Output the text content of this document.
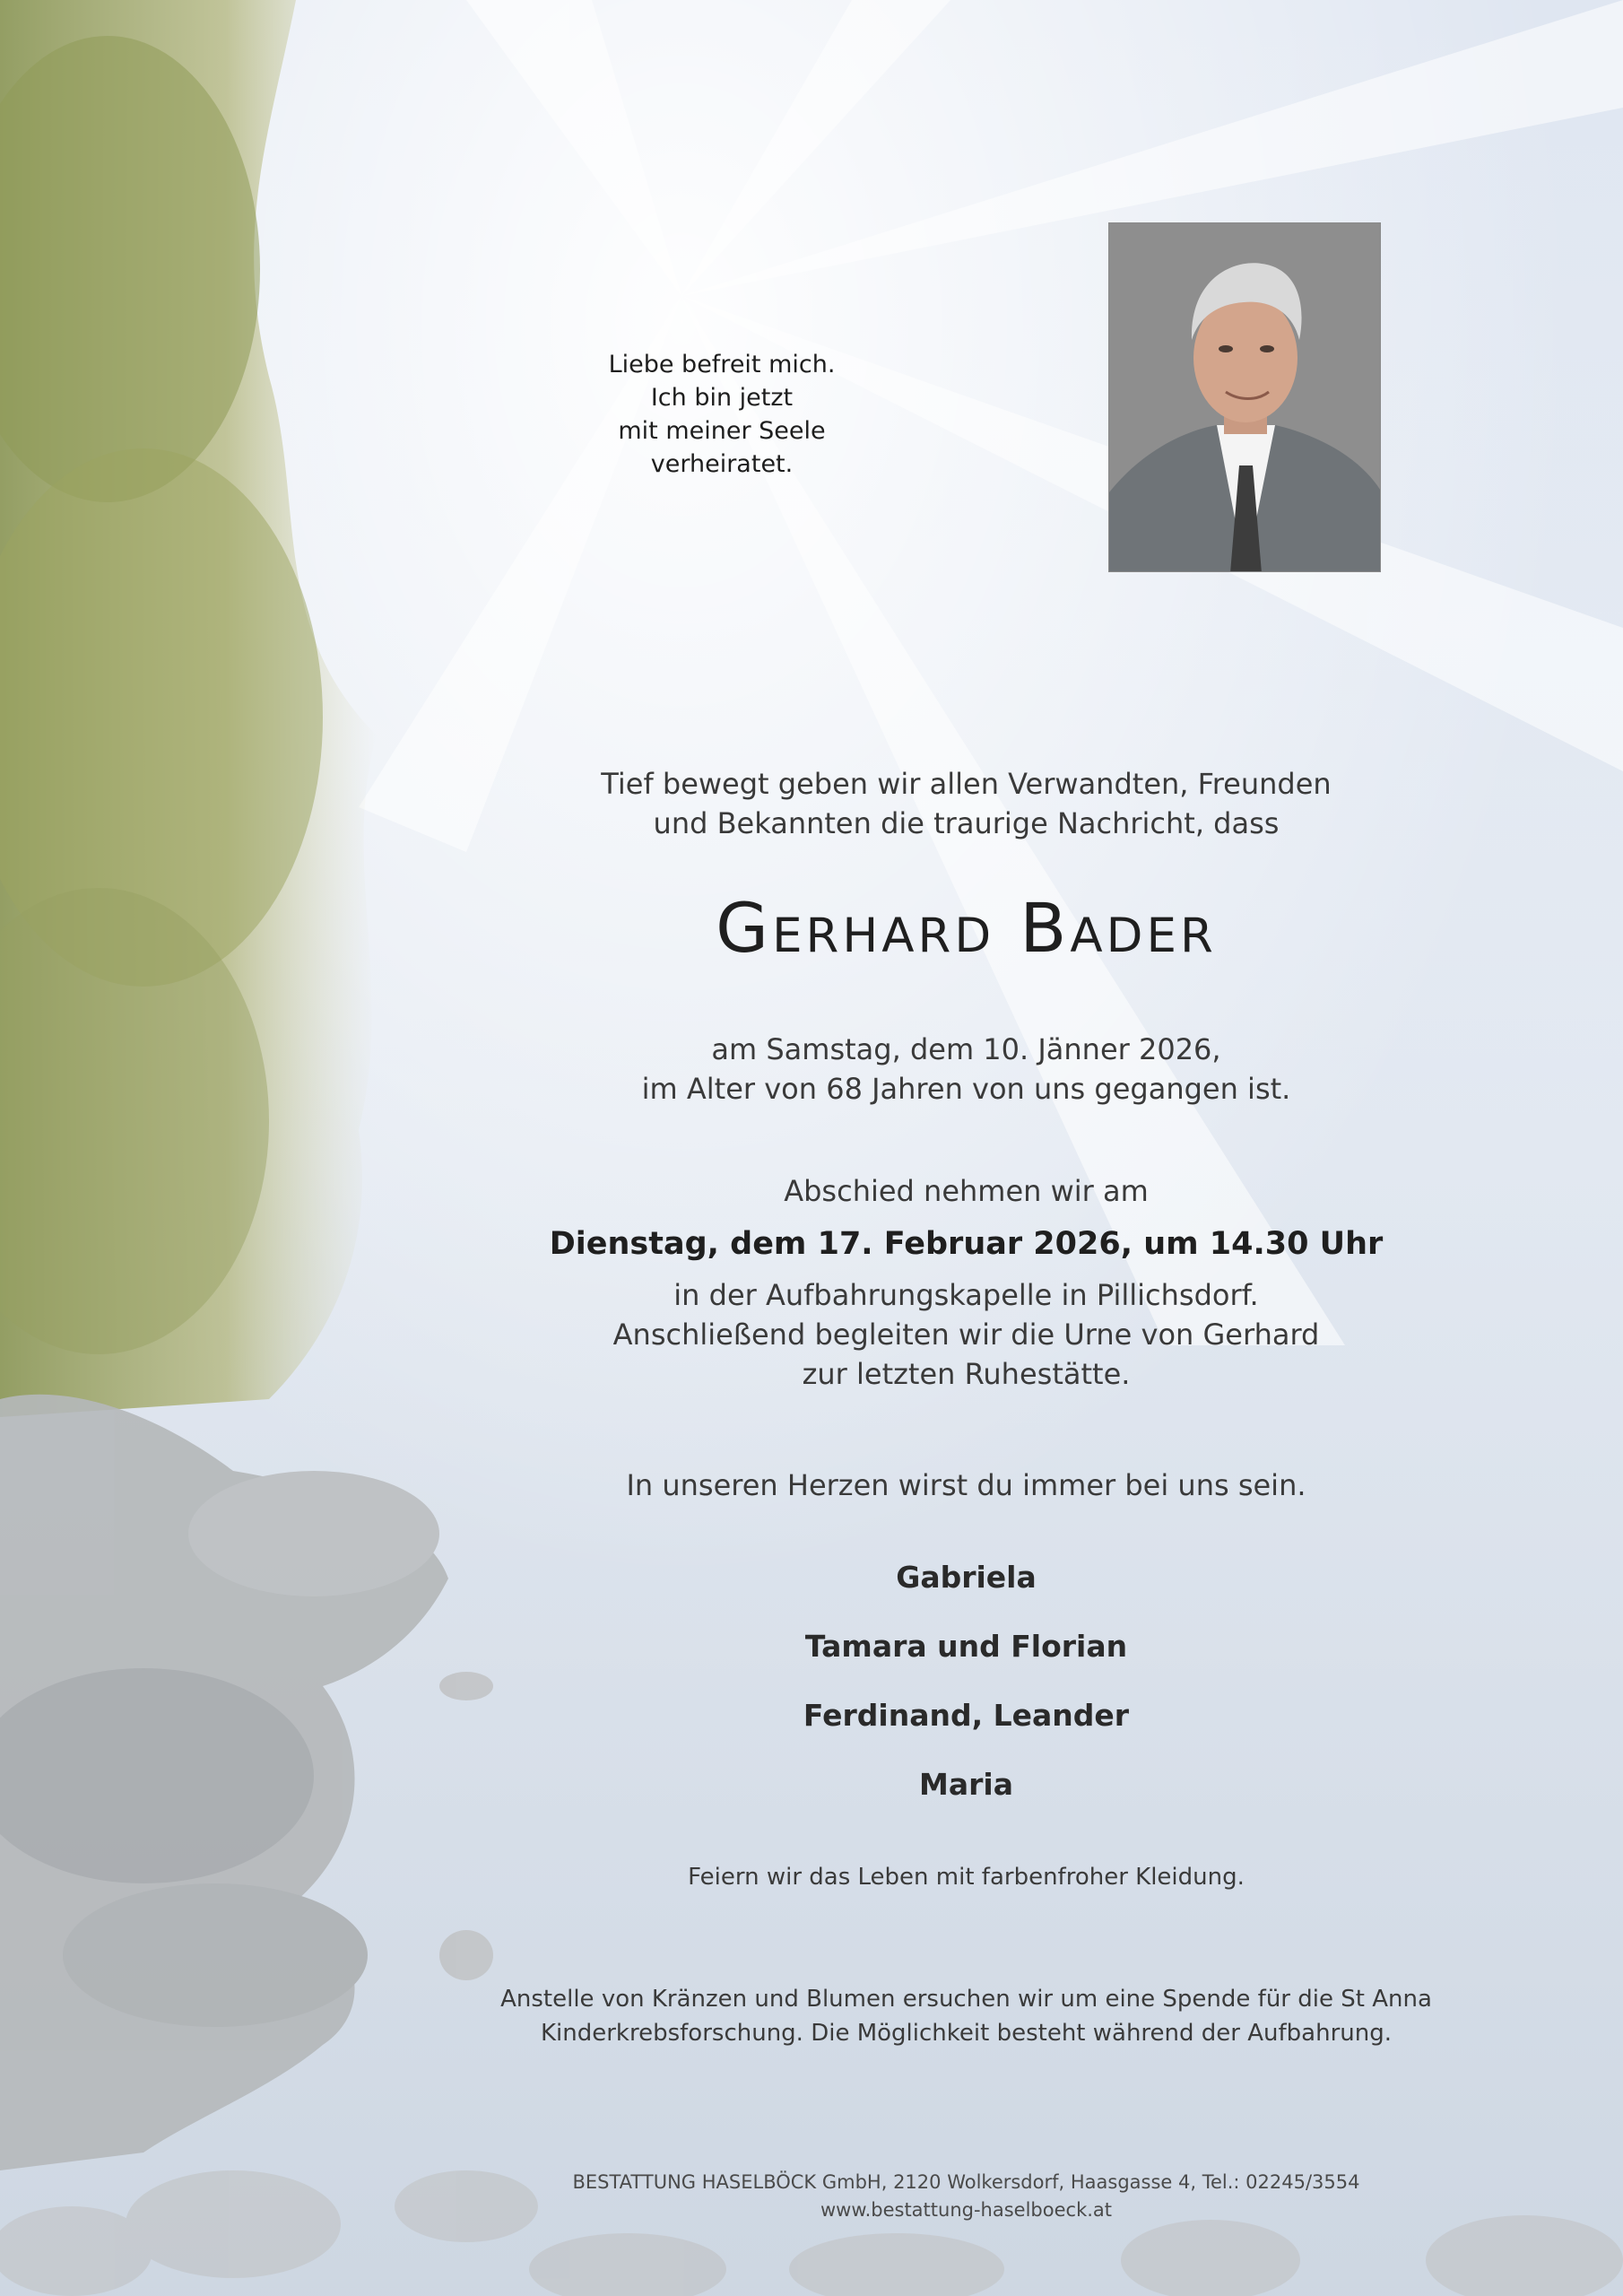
Liebe befreit mich.
Ich bin jetzt
mit meiner Seele
verheiratet.
Tief bewegt geben wir allen Verwandten, Freunden
und Bekannten die traurige Nachricht, dass
Gerhard Bader
am Samstag, dem 10. Jänner 2026,
im Alter von 68 Jahren von uns gegangen ist.
Abschied nehmen wir am
Dienstag, dem 17. Februar 2026, um 14.30 Uhr
in der Aufbahrungskapelle in Pillichsdorf.
Anschließend begleiten wir die Urne von Gerhard
zur letzten Ruhestätte.
In unseren Herzen wirst du immer bei uns sein.
Gabriela
Tamara und Florian
Ferdinand, Leander
Maria
Feiern wir das Leben mit farbenfroher Kleidung.
Anstelle von Kränzen und Blumen ersuchen wir um eine Spende für die St Anna
Kinderkrebsforschung. Die Möglichkeit besteht während der Aufbahrung.
BESTATTUNG HASELBÖCK GmbH, 2120 Wolkersdorf, Haasgasse 4, Tel.: 02245/3554
www.bestattung-haselboeck.at
